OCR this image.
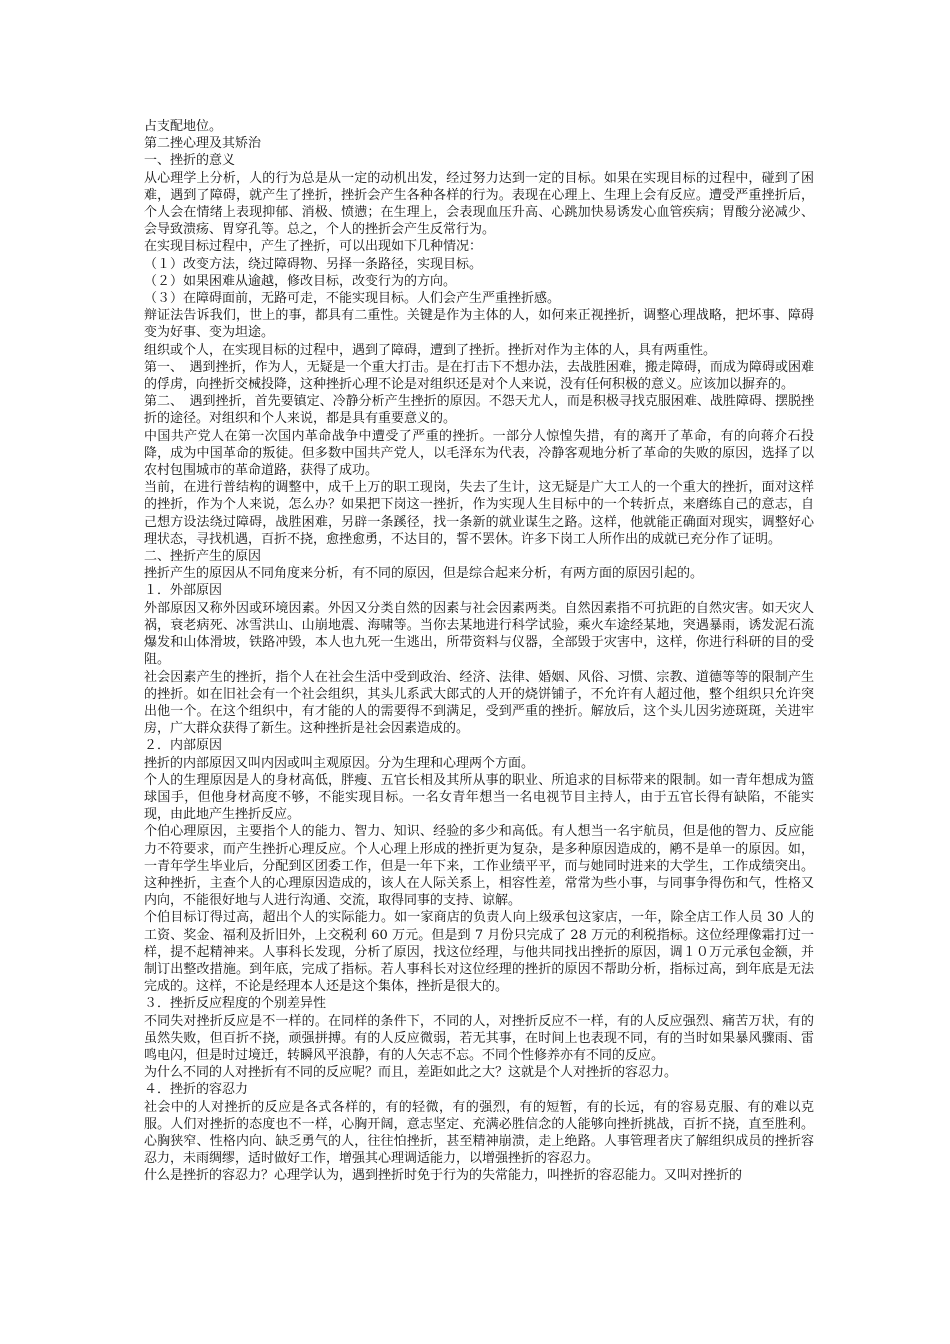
占支配地位。

第二挫心理及其矫治

一、挫折的意义

从心理学上分析，人的行为总是从一定的动机出发，经过努力达到一定的目标。如果在实现目标的过程中，碰到了困难，遇到了障碍，就产生了挫折，挫折会产生各种各样的行为。表现在心理上、生理上会有反应。遭受严重挫折后，个人会在情绪上表现抑郁、消极、愤懑；在生理上，会表现血压升高、心跳加快易诱发心血管疾病；胃酸分泌减少、会导致溃疡、胃穿孔等。总之，个人的挫折会产生反常行为。

在实现目标过程中，产生了挫折，可以出现如下几种情况：

（１）改变方法，绕过障碍物、另择一条路径，实现目标。

（２）如果困难从逾越，修改目标，改变行为的方向。

（３）在障碍面前，无路可走，不能实现目标。人们会产生严重挫折感。

辩证法告诉我们，世上的事，都具有二重性。关键是作为主体的人，如何来正视挫折，调整心理战略，把坏事、障碍变为好事、变为坦途。

组织或个人，在实现目标的过程中，遇到了障碍，遭到了挫折。挫折对作为主体的人，具有两重性。

第一、　遇到挫折，作为人，无疑是一个重大打击。是在打击下不想办法，去战胜困难，搬走障碍，而成为障碍或困难的俘虏，向挫折交械投降，这种挫折心理不论是对组织还是对个人来说，没有任何积极的意义。应该加以摒弃的。

第二、　遇到挫折，首先要镇定、冷静分析产生挫折的原因。不怨天尤人，而是积极寻找克服困难、战胜障碍、摆脱挫折的途径。对组织和个人来说，都是具有重要意义的。

中国共产党人在第一次国内革命战争中遭受了严重的挫折。一部分人惊惶失措，有的离开了革命，有的向蒋介石投降，成为中国革命的叛徒。但多数中国共产党人，以毛泽东为代表，冷静客观地分析了革命的失败的原因，选择了以农村包围城市的革命道路，获得了成功。

当前，在进行普结构的调整中，成千上万的职工现岗，失去了生计，这无疑是广大工人的一个重大的挫折，面对这样的挫折，作为个人来说，怎么办？如果把下岗这一挫折，作为实现人生目标中的一个转折点，来磨练自己的意志，自己想方设法绕过障碍，战胜困难，另辟一条蹊径，找一条新的就业谋生之路。这样，他就能正确面对现实，调整好心理状态，寻找机遇，百折不挠，愈挫愈勇，不达目的，誓不罢休。许多下岗工人所作出的成就已充分作了证明。

二、挫折产生的原因

挫折产生的原因从不同角度来分析，有不同的原因，但是综合起来分析，有两方面的原因引起的。

１．外部原因

外部原因又称外因或环境因素。外因又分类自然的因素与社会因素两类。自然因素指不可抗距的自然灾害。如天灾人祸，衰老病死、冰雪洪山、山崩地震、海啸等。当你去某地进行科学试验，乘火车途经某地，突遇暴雨，诱发泥石流爆发和山体滑坡，铁路冲毁，本人也九死一生逃出，所带资料与仪器，全部毁于灾害中，这样，你进行科研的目的受阻。

社会因素产生的挫折，指个人在社会生活中受到政治、经济、法律、婚姻、风俗、习惯、宗教、道德等等的限制产生的挫折。如在旧社会有一个社会组织，其头儿系武大郎式的人开的烧饼铺子，不允许有人超过他，整个组织只允许突出他一个。在这个组织中，有才能的人的需要得不到满足，受到严重的挫折。解放后，这个头儿因劣迹斑斑，关进牢房，广大群众获得了新生。这种挫折是社会因素造成的。

２．内部原因

挫折的内部原因又叫内因或叫主观原因。分为生理和心理两个方面。

个人的生理原因是人的身材高低，胖瘦、五官长相及其所从事的职业、所追求的目标带来的限制。如一青年想成为篮球国手，但他身材高度不够，不能实现目标。一名女青年想当一名电视节目主持人，由于五官长得有缺陷，不能实现，由此地产生挫折反应。

个伯心理原因，主要指个人的能力、智力、知识、经验的多少和高低。有人想当一名宇航员，但是他的智力、反应能力不符要求，而产生挫折心理反应。个人心理上形成的挫折更为复杂，是多种原因造成的，鹇不是单一的原因。如，一青年学生毕业后，分配到区团委工作，但是一年下来，工作业绩平平，而与她同时进来的大学生，工作成绩突出。这种挫折，主查个人的心理原因造成的，该人在人际关系上，相容性差，常常为些小事，与同事争得伤和气，性格又内向，不能很好地与人进行沟通、交流，取得同事的支持、谅解。

个伯目标订得过高，超出个人的实际能力。如一家商店的负责人向上级承包这家店，一年，除全店工作人员 30 人的工资、奖金、福利及折旧外，上交税利 60 万元。但是到 7 月份只完成了 28 万元的利税指标。这位经理像霜打过一样，提不起精神来。人事科长发现，分析了原因，找这位经理，与他共同找出挫折的原因，调１０万元承包金额，并制订出整改措施。到年底，完成了指标。若人事科长对这位经理的挫折的原因不帮助分析，指标过高，到年底是无法完成的。这样，不论是经理本人还是这个集体，挫折是很大的。

３．挫折反应程度的个别差异性

不同失对挫折反应是不一样的。在同样的条件下，不同的人，对挫折反应不一样，有的人反应强烈、痛苦万状，有的虽然失败，但百折不挠，顽强拼搏。有的人反应微弱，若无其事，在时间上也表现不同，有的当时如果暴风骤雨、雷鸣电闪，但是时过境迁，转瞬风平浪静，有的人矢志不忘。不同个性修养亦有不同的反应。

为什么不同的人对挫折有不同的反应呢？而且，差距如此之大？这就是个人对挫折的容忍力。

４．挫折的容忍力

社会中的人对挫折的反应是各式各样的，有的轻微，有的强烈，有的短暂，有的长远，有的容易克服、有的难以克服。人们对挫折的态度也不一样，心胸开阔，意志坚定、充满必胜信念的人能够向挫折挑战，百折不挠，直至胜利。心胸狭窄、性格内向、缺乏勇气的人，往往怕挫折，甚至精神崩溃，走上绝路。人事管理者庆了解组织成员的挫折容忍力，未雨绸缪，适时做好工作，增强其心理调适能力，以增强挫折的容忍力。

什么是挫折的容忍力？心理学认为，遇到挫折时免于行为的失常能力，叫挫折的容忍能力。又叫对挫折的
